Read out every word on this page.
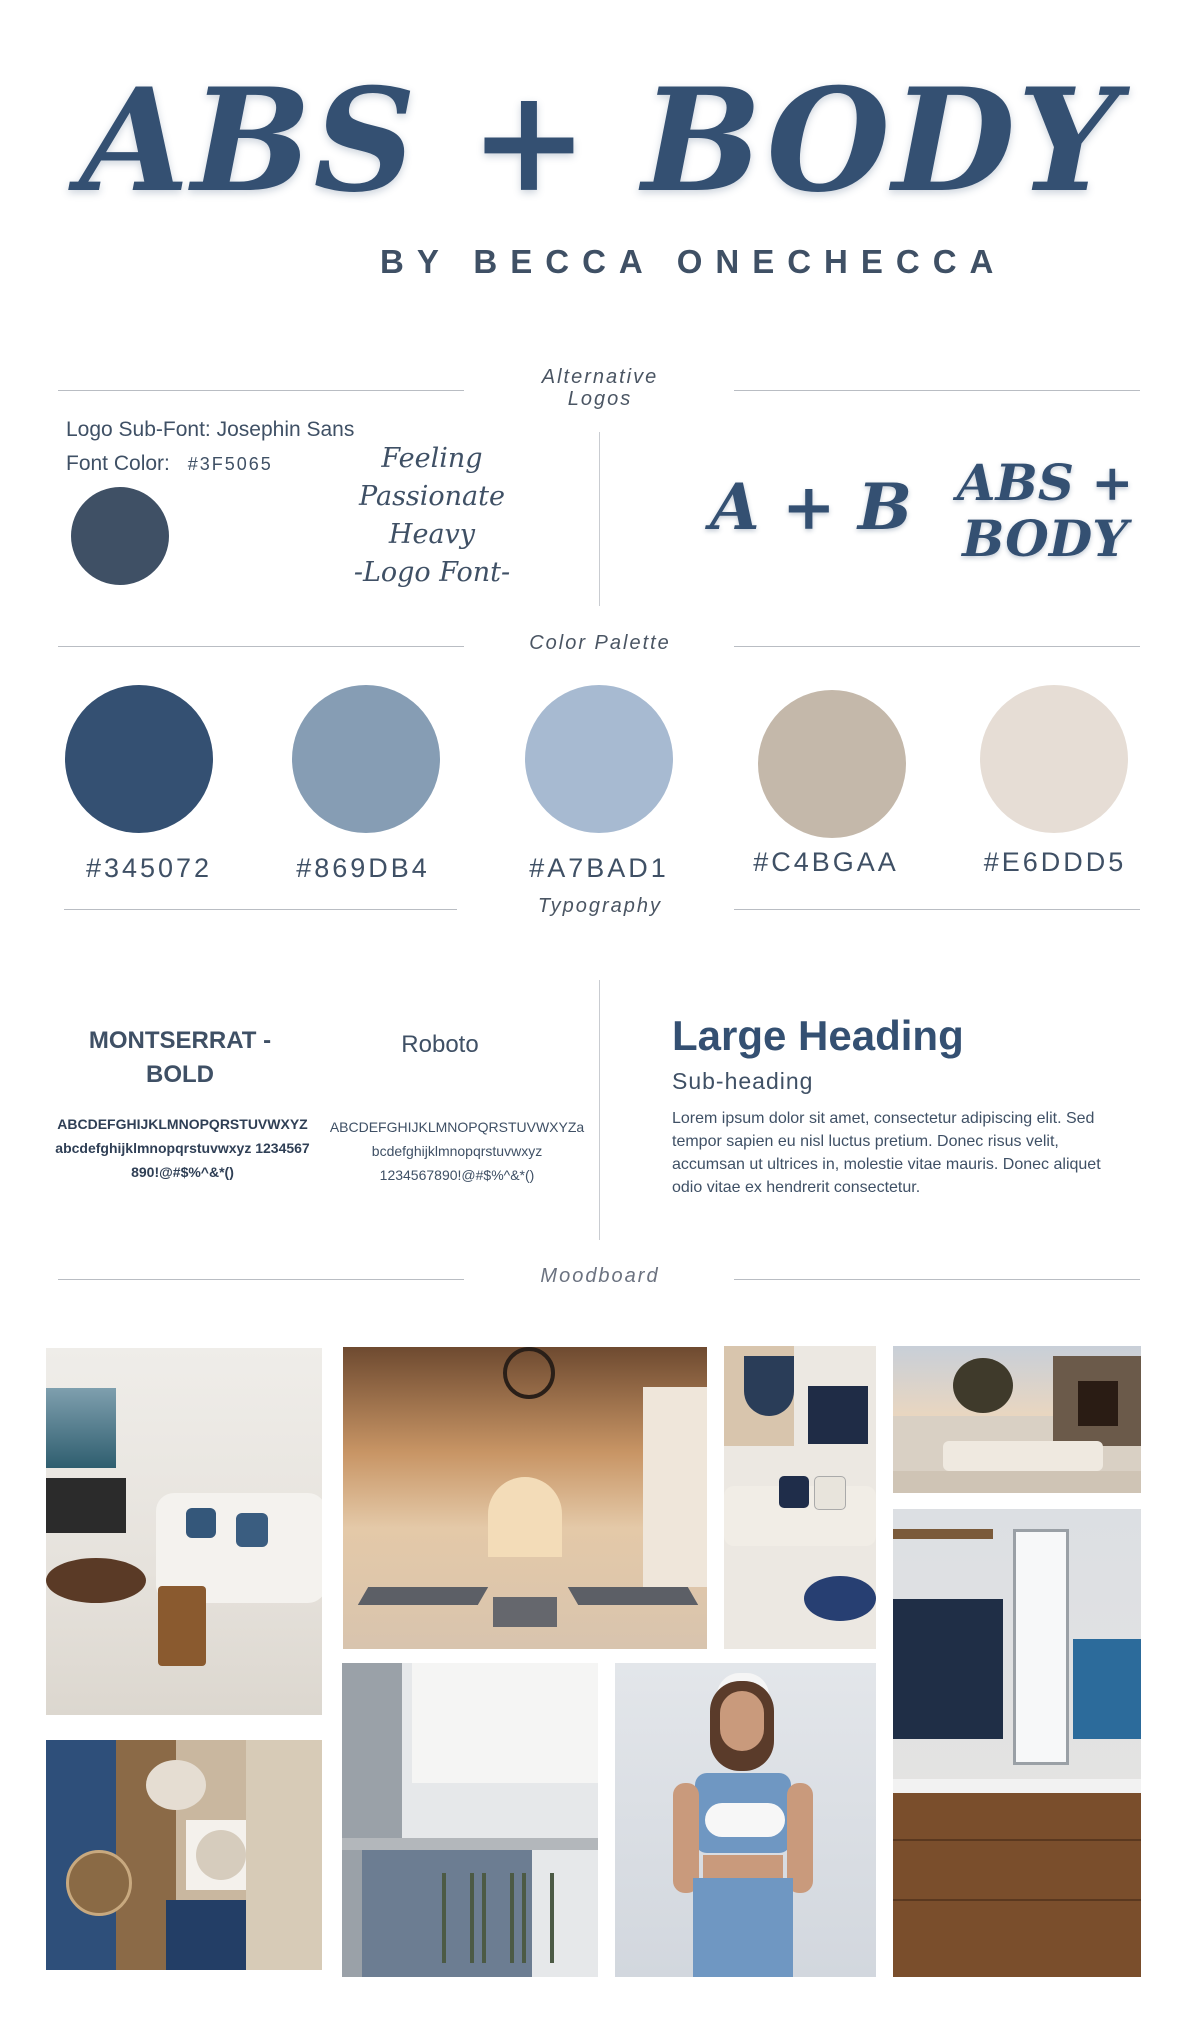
ABS + BODY
BY BECCA ONECHECCA
Alternative
Logos
Logo Sub-Font: Josephin Sans
Font Color: #3F5065	Feeling
Passionate
Heavy
-Logo Font-
A + B ABS +
BODY
Color Palette
#345072	#869DB4	#A7BAD1	#C4BGAA	#E6DDD5
Typography
MONTSERRAT - BOLD
ABCDEFGHIJKLMNOPQRSTUVWXYZabcdefghijklmnopqrstuvwxyz 1234567890!@#$%^&*()
Roboto
ABCDEFGHIJKLMNOPQRSTUVWXYZa bcdefghijklmnopqrstuvwxyz 1234567890!@#$%^&*()
Large Heading
Sub-heading
Lorem ipsum dolor sit amet, consectetur adipiscing elit. Sed tempor sapien eu nisl luctus pretium. Donec risus velit, accumsan ut ultrices in, molestie vitae mauris. Donec aliquet odio vitae ex hendrerit consectetur.
Moodboard
